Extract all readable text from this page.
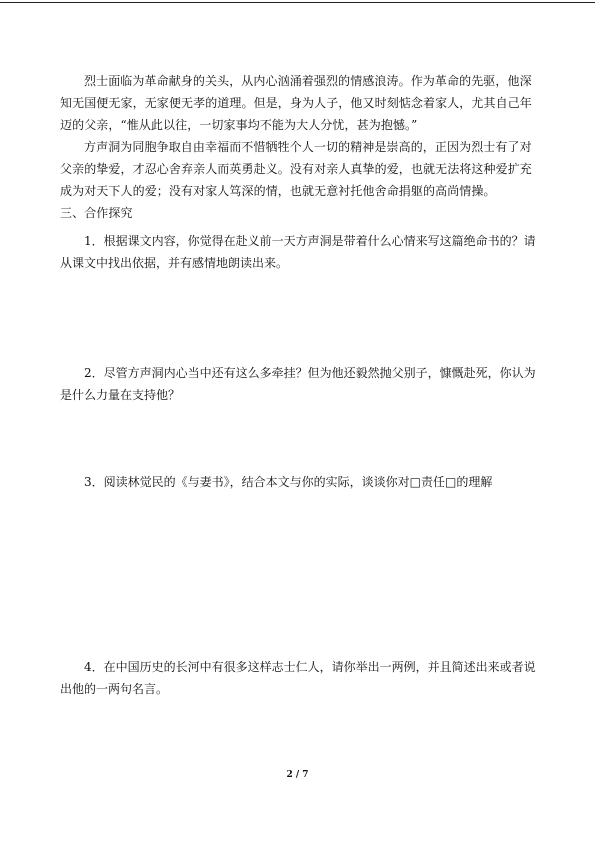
烈士面临为革命献身的关头，从内心汹涌着强烈的情感浪涛。作为革命的先驱，他深知无国便无家，无家便无孝的道理。但是，身为人子，他又时刻惦念着家人，尤其自己年迈的父亲，“惟从此以往，一切家事均不能为大人分忧，甚为抱憾。”

方声洞为同胞争取自由幸福而不惜牺牲个人一切的精神是崇高的，正因为烈士有了对父亲的挚爱，才忍心舍弃亲人而英勇赴义。没有对亲人真挚的爱，也就无法将这种爱扩充成为对天下人的爱；没有对家人笃深的情，也就无意衬托他舍命捐躯的高尚情操。

三、合作探究

1．根据课文内容，你觉得在赴义前一天方声洞是带着什么心情来写这篇绝命书的？请从课文中找出依据，并有感情地朗读出来。

2．尽管方声洞内心当中还有这么多牵挂？但为他还毅然抛父别子，慷慨赴死，你认为是什么力量在支持他？

3．阅读林觉民的《与妻书》，结合本文与你的实际，谈谈你对□责任□的理解

4．在中国历史的长河中有很多这样志士仁人，请你举出一两例，并且简述出来或者说出他的一两句名言。

2 / 7
